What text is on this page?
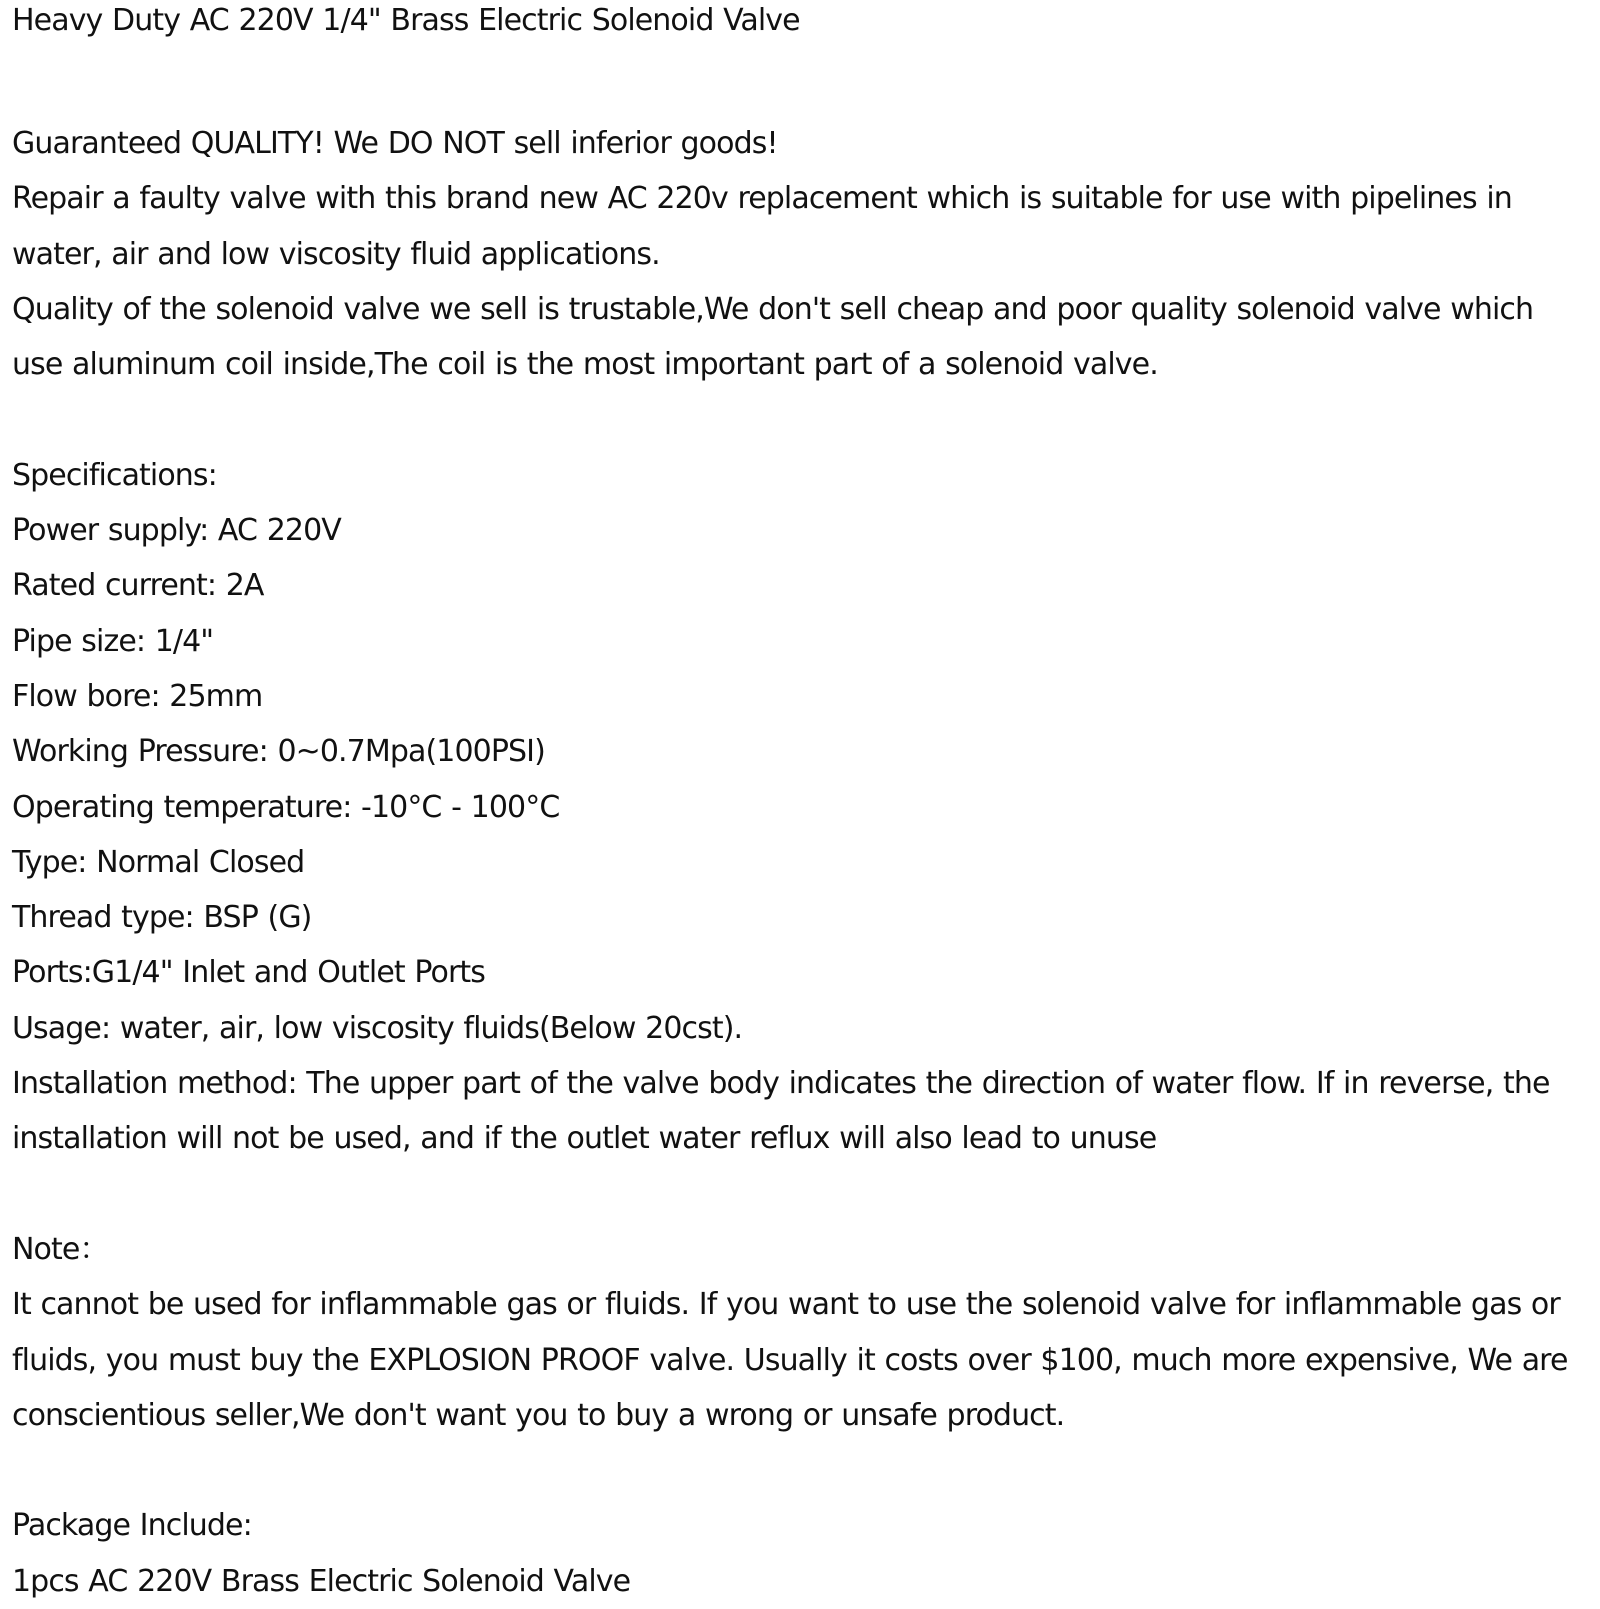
Heavy Duty AC 220V 1/4" Brass Electric Solenoid Valve
Guaranteed QUALITY! We DO NOT sell inferior goods!
Repair a faulty valve with this brand new AC 220v replacement which is suitable for use with pipelines in
water, air and low viscosity fluid applications.
Quality of the solenoid valve we sell is trustable,We don't sell cheap and poor quality solenoid valve which
use aluminum coil inside,The coil is the most important part of a solenoid valve.
Specifications:
Power supply: AC 220V
Rated current: 2A
Pipe size: 1/4"
Flow bore: 25mm
Working Pressure: 0~0.7Mpa(100PSI)
Operating temperature: -10°C - 100°C
Type: Normal Closed
Thread type: BSP (G)
Ports:G1/4" Inlet and Outlet Ports
Usage: water, air, low viscosity fluids(Below 20cst).
Installation method: The upper part of the valve body indicates the direction of water flow. If in reverse, the
installation will not be used, and if the outlet water reflux will also lead to unuse
Note：
It cannot be used for inflammable gas or fluids. If you want to use the solenoid valve for inflammable gas or
fluids, you must buy the EXPLOSION PROOF valve. Usually it costs over $100, much more expensive, We are
conscientious seller,We don't want you to buy a wrong or unsafe product.
Package Include:
1pcs AC 220V Brass Electric Solenoid Valve
